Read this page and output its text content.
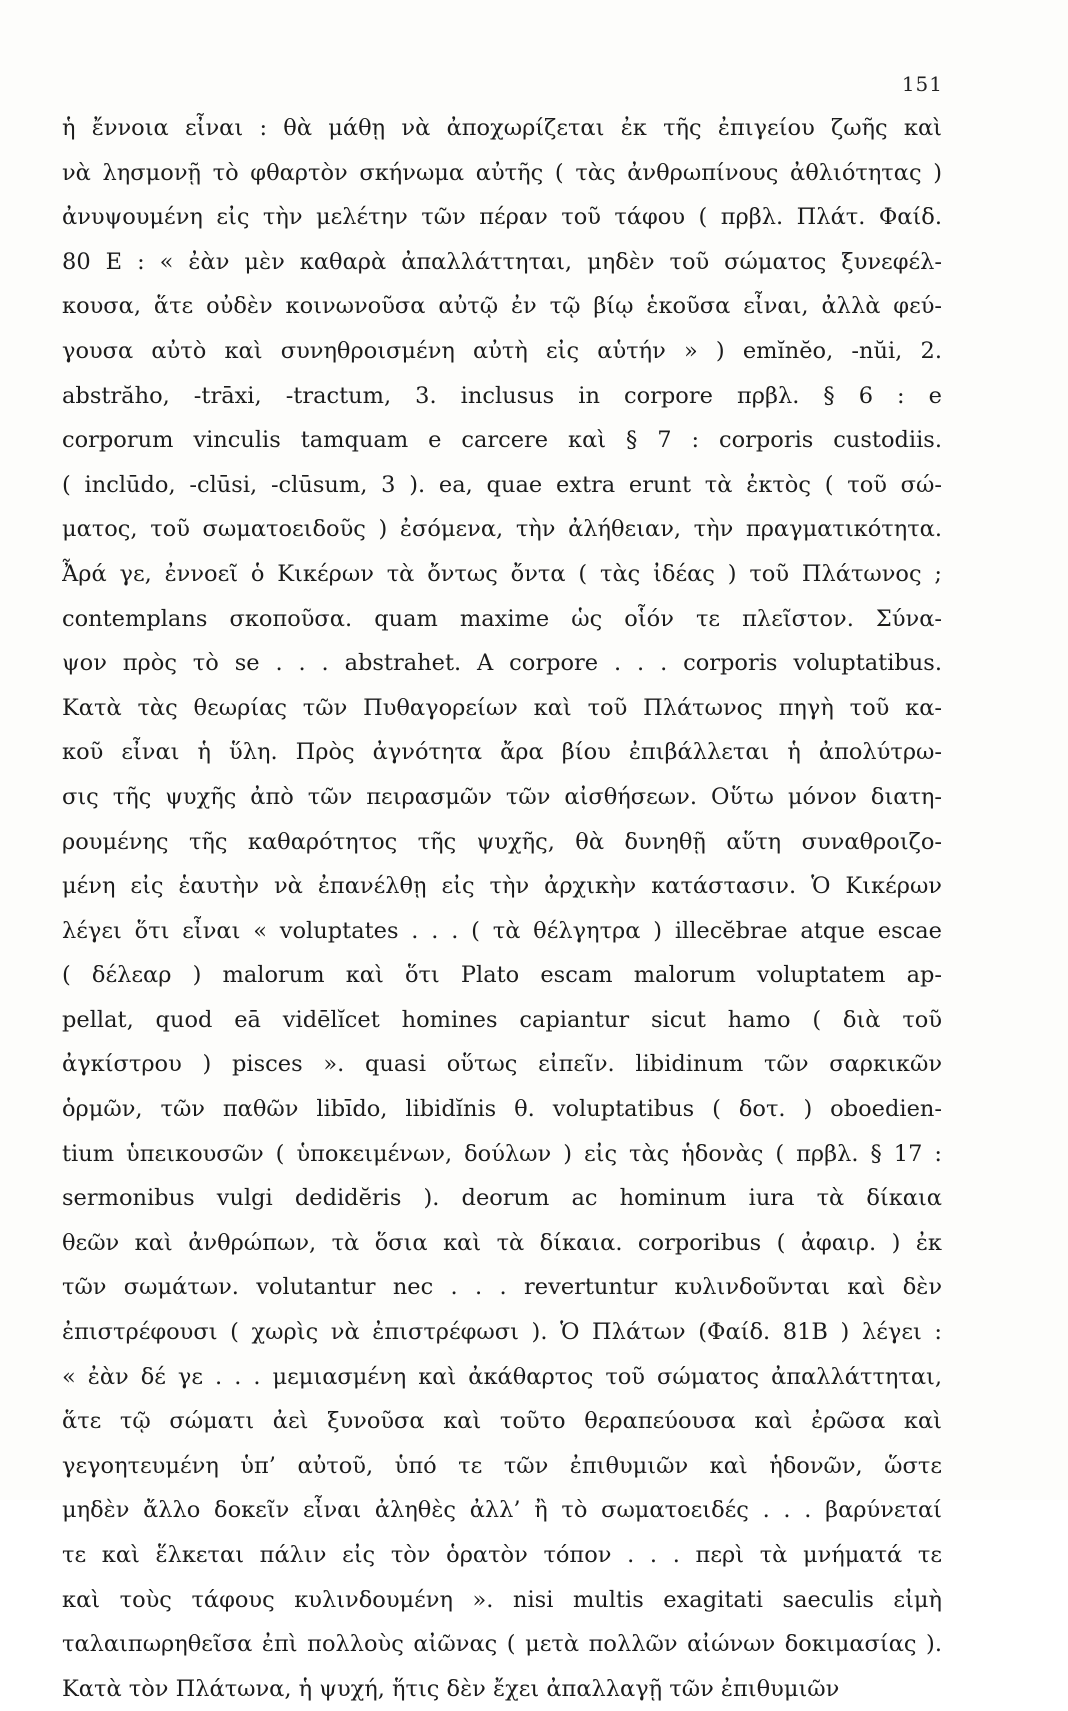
151
ἡ ἔννοια εἶναι : θὰ μάθῃ νὰ ἀποχωρίζεται ἐκ τῆς ἐπιγείου ζωῆς καὶ
νὰ λησμονῇ τὸ φθαρτὸν σκήνωμα αὐτῆς ( τὰς ἀνθρωπίνους ἀθλιότητας )
ἀνυψουμένη εἰς τὴν μελέτην τῶν πέραν τοῦ τάφου ( πρβλ. Πλάτ. Φαίδ.
80 E : « ἐὰν μὲν καθαρὰ ἀπαλλάττηται, μηδὲν τοῦ σώματος ξυνεφέλ-
κουσα, ἅτε οὐδὲν κοινωνοῦσα αὐτῷ ἐν τῷ βίῳ ἑκοῦσα εἶναι, ἀλλὰ φεύ-
γουσα αὐτὸ καὶ συνηθροισμένη αὐτὴ εἰς αὑτήν » ) emĭnĕo, -nŭi, 2.
abstrăho, -trāxi, -tractum, 3. inclusus in corpore πρβλ. § 6 : e
corporum vinculis tamquam e carcere καὶ § 7 : corporis custodiis.
( inclūdo, -clūsi, -clūsum, 3 ). ea, quae extra erunt τὰ ἐκτὸς ( τοῦ σώ-
ματος, τοῦ σωματοειδοῦς ) ἐσόμενα, τὴν ἀλήθειαν, τὴν πραγματικότητα.
Ἆρά γε, ἐννοεῖ ὁ Κικέρων τὰ ὄντως ὄντα ( τὰς ἰδέας ) τοῦ Πλάτωνος ;
contemplans σκοποῦσα. quam maxime ὡς οἷόν τε πλεῖστον. Σύνα-
ψον πρὸς τὸ se . . . abstrahet. A corpore . . . corporis voluptatibus.
Κατὰ τὰς θεωρίας τῶν Πυθαγορείων καὶ τοῦ Πλάτωνος πηγὴ τοῦ κα-
κοῦ εἶναι ἡ ὕλη. Πρὸς ἀγνότητα ἄρα βίου ἐπιβάλλεται ἡ ἀπολύτρω-
σις τῆς ψυχῆς ἀπὸ τῶν πειρασμῶν τῶν αἰσθήσεων. Οὕτω μόνον διατη-
ρουμένης τῆς καθαρότητος τῆς ψυχῆς, θὰ δυνηθῇ αὕτη συναθροιζο-
μένη εἰς ἑαυτὴν νὰ ἐπανέλθῃ εἰς τὴν ἀρχικὴν κατάστασιν. Ὁ Κικέρων
λέγει ὅτι εἶναι « voluptates . . . ( τὰ θέλγητρα ) illecĕbrae atque escae
( δέλεαρ ) malorum καὶ ὅτι Plato escam malorum voluptatem ap-
pellat, quod eā vidēlĭcet homines capiantur sicut hamo ( διὰ τοῦ
ἀγκίστρου ) pisces ». quasi οὕτως εἰπεῖν. libidinum τῶν σαρκικῶν
ὁρμῶν, τῶν παθῶν libīdo, libidĭnis θ. voluptatibus ( δοτ. ) oboedien-
tium ὑπεικουσῶν ( ὑποκειμένων, δούλων ) εἰς τὰς ἡδονὰς ( πρβλ. § 17 :
sermonibus vulgi dedidĕris ). deorum ac hominum iura τὰ δίκαια
θεῶν καὶ ἀνθρώπων, τὰ ὅσια καὶ τὰ δίκαια. corporibus ( ἀφαιρ. ) ἐκ
τῶν σωμάτων. volutantur nec . . . revertuntur κυλινδοῦνται καὶ δὲν
ἐπιστρέφουσι ( χωρὶς νὰ ἐπιστρέφωσι ). Ὁ Πλάτων (Φαίδ. 81B ) λέγει :
« ἐὰν δέ γε . . . μεμιασμένη καὶ ἀκάθαρτος τοῦ σώματος ἀπαλλάττηται,
ἅτε τῷ σώματι ἀεὶ ξυνοῦσα καὶ τοῦτο θεραπεύουσα καὶ ἐρῶσα καὶ
γεγοητευμένη ὑπ’ αὐτοῦ, ὑπό τε τῶν ἐπιθυμιῶν καὶ ἡδονῶν, ὥστε
μηδὲν ἄλλο δοκεῖν εἶναι ἀληθὲς ἀλλ’ ἢ τὸ σωματοειδές . . . βαρύνεταί
τε καὶ ἕλκεται πάλιν εἰς τὸν ὁρατὸν τόπον . . . περὶ τὰ μνήματά τε
καὶ τοὺς τάφους κυλινδουμένη ». nisi multis exagitati saeculis εἰμὴ
ταλαιπωρηθεῖσα ἐπὶ πολλοὺς αἰῶνας ( μετὰ πολλῶν αἰώνων δοκιμασίας ).
Κατὰ τὸν Πλάτωνα, ἡ ψυχή, ἥτις δὲν ἔχει ἀπαλλαγῇ τῶν ἐπιθυμιῶν
